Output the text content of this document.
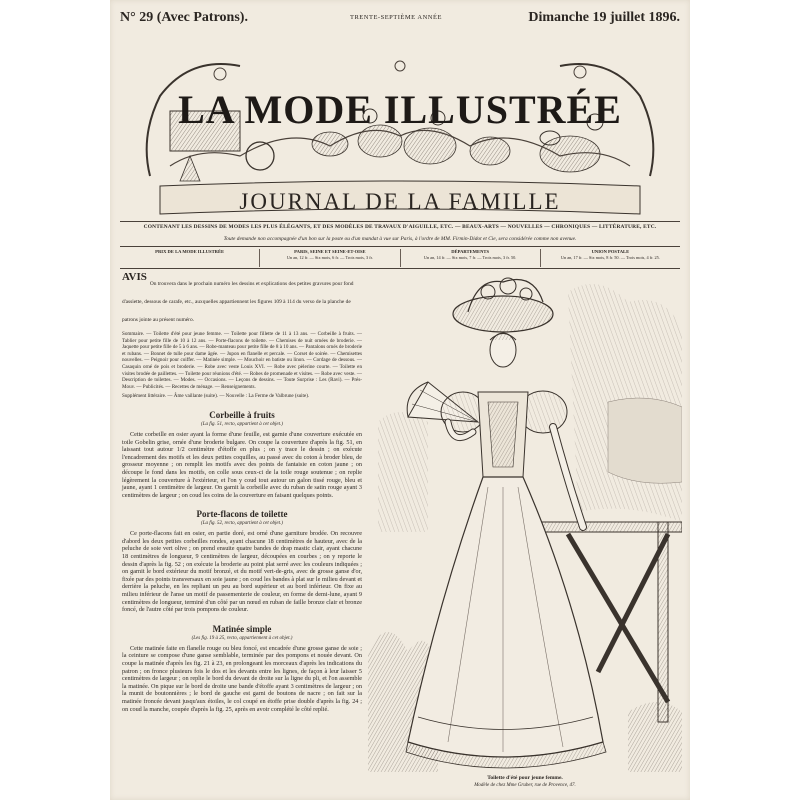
N° 29 (Avec Patrons).	TRENTE-SEPTIÈME ANNÉE	Dimanche 19 juillet 1896.
LA MODE ILLUSTRÉE
JOURNAL DE LA FAMILLE
CONTENANT LES DESSINS DE MODES LES PLUS ÉLÉGANTS, ET DES MODÈLES DE TRAVAUX D'AIGUILLE, ETC. — BEAUX-ARTS — NOUVELLES — CHRONIQUES — LITTÉRATURE, ETC.
Toute demande non accompagnée d'un bon sur la poste ou d'un mandat à vue sur Paris, à l'ordre de MM. Firmin-Didot et Cie, sera considérée comme non avenue.
PRIX DE LA MODE ILLUSTRÉE	PARIS, SEINE ET SEINE-ET-OISE
Un an, 12 fr. — Six mois, 6 fr. — Trois mois, 3 fr.
DÉPARTEMENTS
Un an, 14 fr. — Six mois, 7 fr. — Trois mois, 3 fr. 50.
UNION POSTALE
Un an, 17 fr. — Six mois, 8 fr. 50. — Trois mois, 4 fr. 25.
AVIS
On trouvera dans le prochain numéro les dessins et explications des petites gravures pour fond d'assiette, dessous de carafe, etc., auxquelles appartiennent les figures 109 à 114 du verso de la planche de patrons jointe au présent numéro.

Sommaire. — Toilette d'été pour jeune femme. — Toilette pour fillette de 11 à 13 ans. — Corbeille à fruits. — Tablier pour petite fille de 10 à 12 ans. — Porte-flacons de toilette. — Chemises de nuit ornées de broderie. — Jaquette pour petite fille de 5 à 6 ans. — Robe-manteau pour petite fille de 8 à 10 ans. — Pantalons ornés de broderie et rubans. — Bonnet de tulle pour dame âgée. — Jupon en flanelle et percale. — Corset de soirée. — Chemisettes nouvelles. — Peignoir pour coiffer. — Matinée simple. — Mouchoir en batiste ou linon. — Cordage de dessous. — Casaquin orné de pois et broderie. — Robe avec veste Louis XVI. — Robe avec pèlerine courte. — Toilette en visites brodée de paillettes. — Toilette pour réunions d'été. — Robes de promenade et visites. — Robe avec veste. — Description de toilettes. — Modes. — Occasions. — Leçons de dessins. — Toute Surprise : Les (Ravi). — Prés-Mouv. — Publicités. — Recettes de ménage. — Renseignements.

Supplément littéraire. — Âme vaillante (suite). — Nouvelle : La Ferme de Valbrune (suite).

Corbeille à fruits
(La fig. 51, recto, appartient à cet objet.)

Cette corbeille en osier ayant la forme d'une feuille, est garnie d'une couverture exécutée en toile Gobelin grise, ornée d'une broderie bulgare. On coupe la couverture d'après la fig. 51, en laissant tout autour 1/2 centimètre d'étoffe en plus ; on y trace le dessin ; on exécute l'encadrement des motifs et les deux petites coquilles, au passé avec du coton à broder bleu, de grosseur moyenne ; on remplit les motifs avec des points de fantaisie en coton jaune ; on découpe le fond dans les motifs, on colle sous ceux-ci de la toile rouge soutenue ; on replie légèrement la couverture à l'extérieur, et l'on y coud tout autour un galon tissé rouge, bleu et jaune, ayant 1 centimètre de largeur. On garnit la corbeille avec du ruban de satin rouge ayant 3 centimètres de largeur ; on coud les coins de la couverture en faisant quelques points.

Porte-flacons de toilette
(La fig. 52, recto, appartient à cet objet.)

Ce porte-flacons fait en osier, en partie doré, est orné d'une garniture brodée. On recouvre d'abord les deux petites corbeilles rondes, ayant chacune 18 centimètres de hauteur, avec de la peluche de soie vert olive ; on prend ensuite quatre bandes de drap mastic clair, ayant chacune 18 centimètres de longueur, 9 centimètres de largeur, découpées en courbes ; on y reporte le dessin d'après la fig. 52 ; on exécute la broderie au point plat serré avec les couleurs indiquées ; on garnit le bord extérieur du motif bronzé, et du motif vert-de-gris, avec de grosse ganse d'or, fixée par des points transversaux en soie jaune ; on coud les bandes à plat sur le milieu devant et derrière la peluche, en les repliant un peu au bord supérieur et au bord inférieur. On fixe au milieu inférieur de l'anse un motif de passementerie de couleur, en forme de demi-lune, ayant 9 centimètres de longueur, terminé d'un côté par un nœud en ruban de faille bronze clair et bronze foncé, de l'autre côté par trois pompons de couleur.

Matinée simple
(Les fig. 19 à 25, recto, appartiennent à cet objet.)

Cette matinée faite en flanelle rouge ou bleu foncé, est encadrée d'une grosse ganse de soie ; la ceinture se compose d'une ganse semblable, terminée par des pompons et nouée devant. On coupe la matinée d'après les fig. 21 à 23, en prolongeant les morceaux d'après les indications du patron ; on fronce plusieurs fois le dos et les devants entre les lignes, de façon à leur laisser 5 centimètres de largeur ; on replie le bord du devant de droite sur la ligne du pli, et l'on assemble la matinée. On pique sur le bord de droite une bande d'étoffe ayant 3 centimètres de largeur ; on la munit de boutonnières ; le bord de gauche est garni de boutons de nacre ; on fait sur la matinée froncée devant jusqu'aux étoiles, le col coupé en étoffe prise double d'après la fig. 24 ; on coud la manche, coupée d'après la fig. 25, après en avoir complété le côté replié.

Toilette d'été pour jeune femme.
Modèle de chez Mme Gruber, rue de Provence, 47.
